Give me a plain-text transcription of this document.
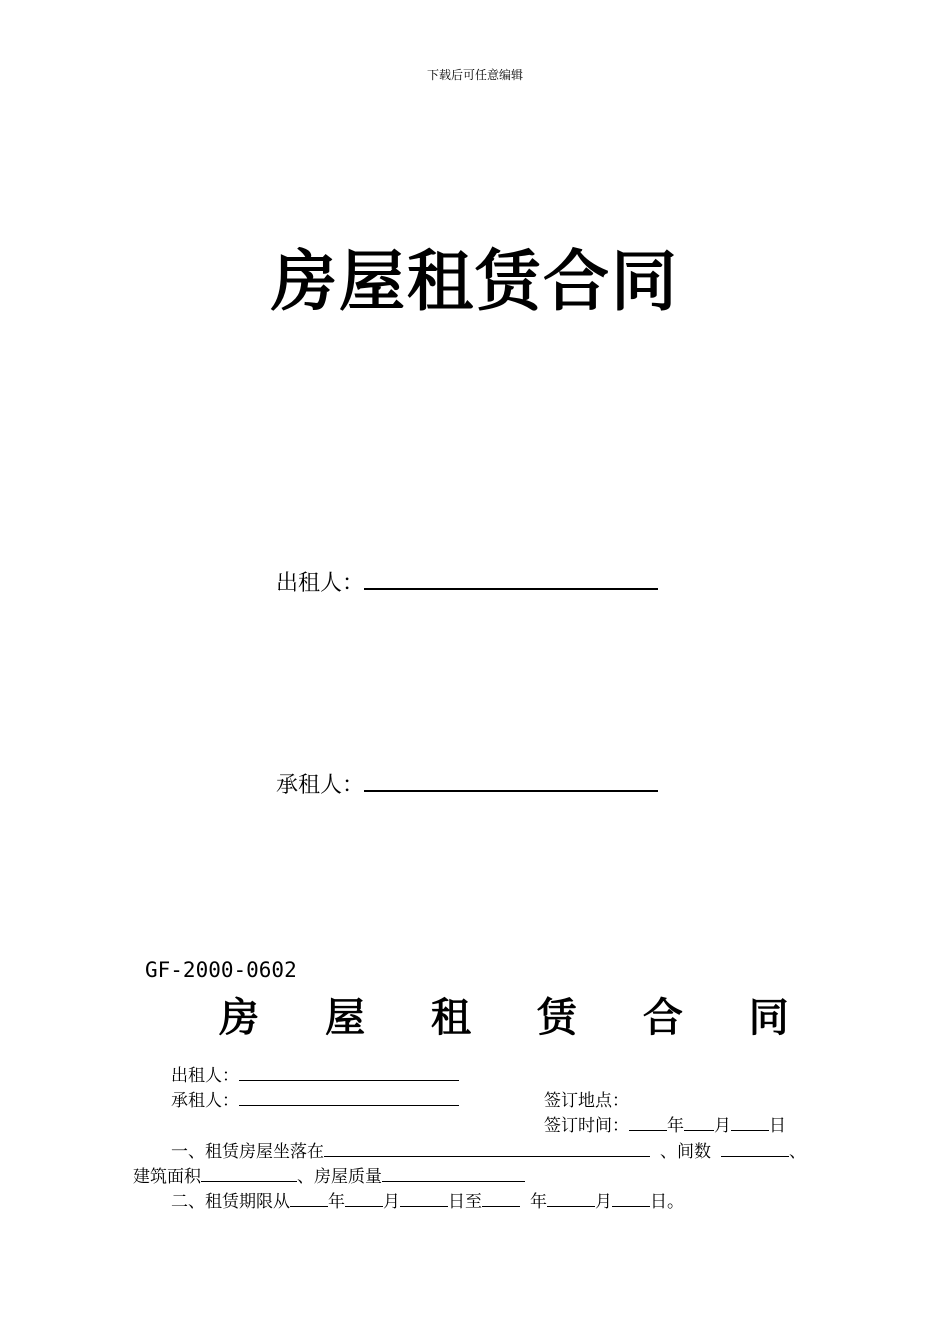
下载后可任意编辑
房屋租赁合同
出租人：
承租人：
GF-2000-0602
房 屋 租 赁 合 同
出租人：
承租人：	签订地点：
签订时间： 年 月 日
一、租赁房屋坐落在	、间数	、
建筑面积	、房屋质量
二、租赁期限从 年 月	日至	年	月 日。
